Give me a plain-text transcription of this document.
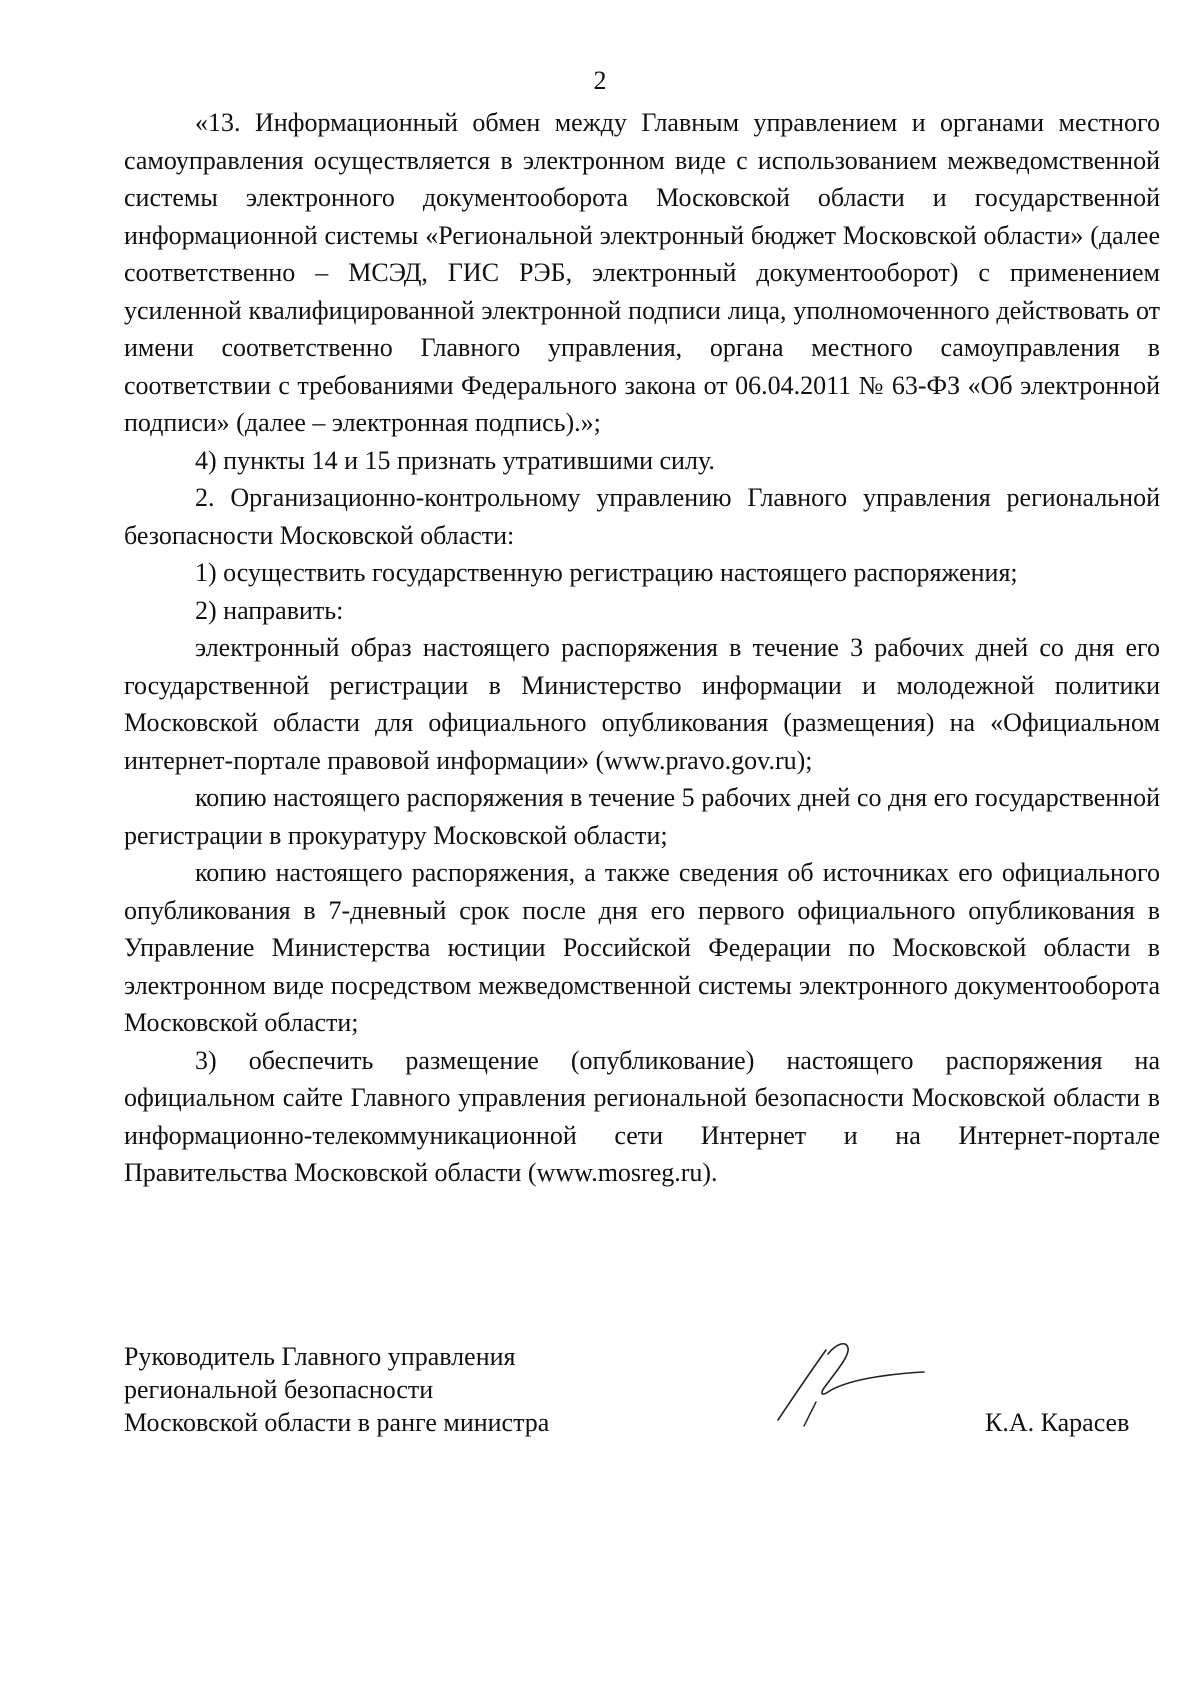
2

«13. Информационный обмен между Главным управлением и органами местного самоуправления осуществляется в электронном виде с использованием межведомственной системы электронного документооборота Московской области и государственной информационной системы «Региональной электронный бюджет Московской области» (далее соответственно – МСЭД, ГИС РЭБ, электронный документооборот) с применением усиленной квалифицированной электронной подписи лица, уполномоченного действовать от имени соответственно Главного управления, органа местного самоуправления в соответствии с требованиями Федерального закона от 06.04.2011 № 63-ФЗ «Об электронной подписи» (далее – электронная подпись).»;

4) пункты 14 и 15 признать утратившими силу.

2. Организационно-контрольному управлению Главного управления региональной безопасности Московской области:

1) осуществить государственную регистрацию настоящего распоряжения;

2) направить:

электронный образ настоящего распоряжения в течение 3 рабочих дней со дня его государственной регистрации в Министерство информации и молодежной политики Московской области для официального опубликования (размещения) на «Официальном интернет-портале правовой информации» (www.pravo.gov.ru);

копию настоящего распоряжения в течение 5 рабочих дней со дня его государственной регистрации в прокуратуру Московской области;

копию настоящего распоряжения, а также сведения об источниках его официального опубликования в 7-дневный срок после дня его первого официального опубликования в Управление Министерства юстиции Российской Федерации по Московской области в электронном виде посредством межведомственной системы электронного документооборота Московской области;

3) обеспечить размещение (опубликование) настоящего распоряжения на официальном сайте Главного управления региональной безопасности Московской области в информационно-телекоммуникационной сети Интернет и на Интернет-портале Правительства Московской области (www.mosreg.ru).

Руководитель Главного управления
региональной безопасности
Московской области в ранге министра	К.А. Карасев
